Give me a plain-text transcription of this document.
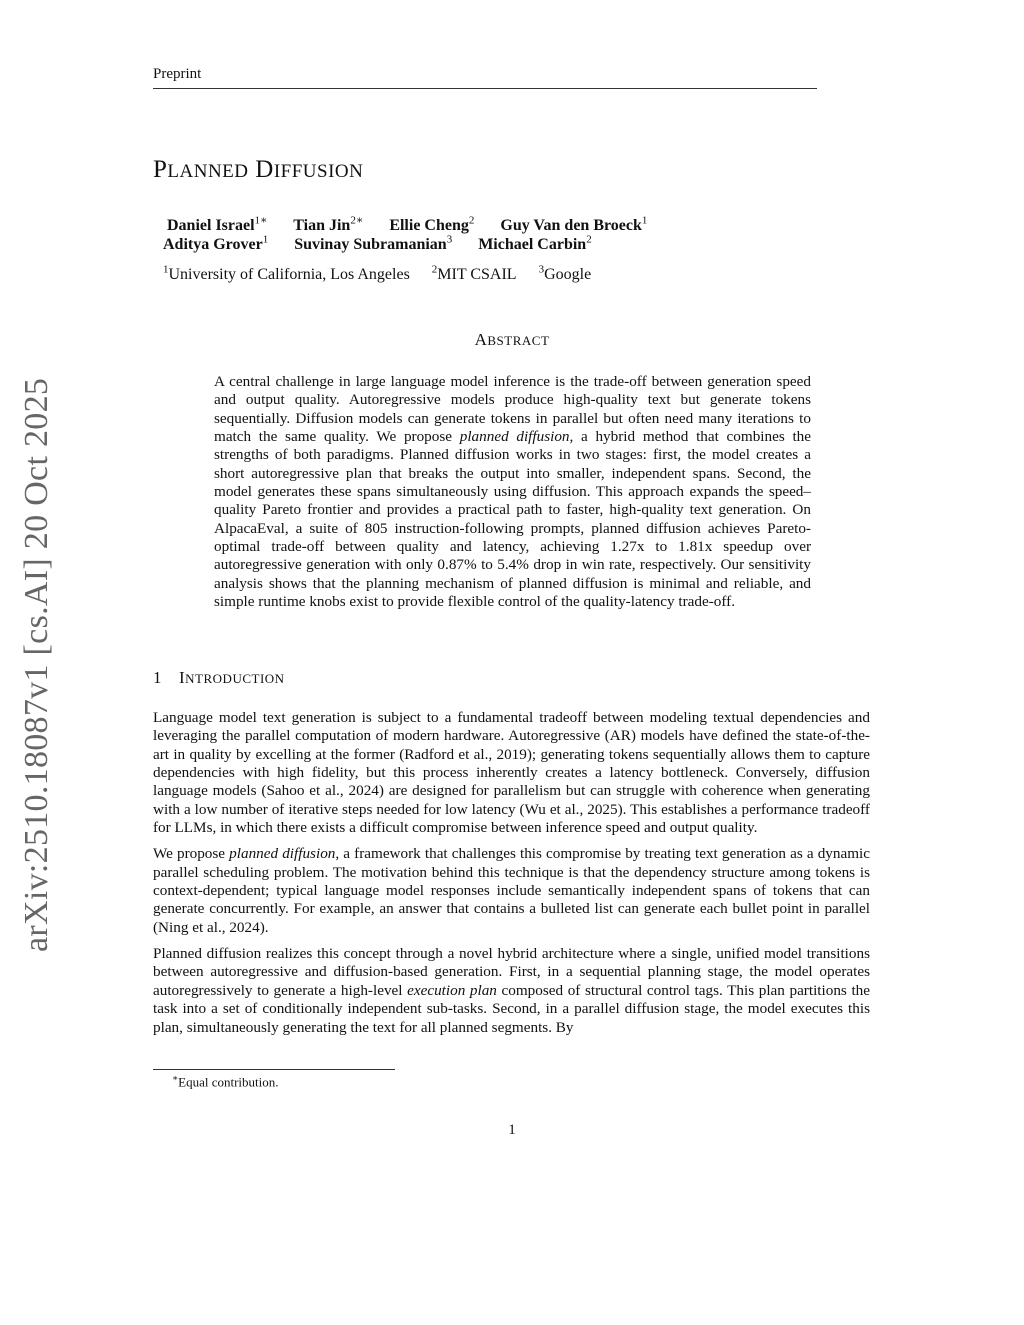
Preprint
PLANNED DIFFUSION
Daniel Israel$^{1∗}$ Tian Jin$^{2∗}$ Ellie Cheng$^2$ Guy Van den Broeck$^1$
Aditya Grover$^1$ Suvinay Subramanian$^3$ Michael Carbin$^2$
$^1$University of California, Los Angeles $^2$MIT CSAIL $^3$Google
ABSTRACT
A central challenge in large language model inference is the trade-off between generation speed and output quality. Autoregressive models produce high-quality text but generate tokens sequentially. Diffusion models can generate tokens in parallel but often need many iterations to match the same quality. We propose planned diffusion, a hybrid method that combines the strengths of both paradigms. Planned diffusion works in two stages: first, the model creates a short autoregressive plan that breaks the output into smaller, independent spans. Second, the model generates these spans simultaneously using diffusion. This approach expands the speed–quality Pareto frontier and provides a practical path to faster, high-quality text generation. On AlpacaEval, a suite of 805 instruction-following prompts, planned diffusion achieves Pareto-optimal trade-off between quality and latency, achieving 1.27x to 1.81x speedup over autoregressive generation with only 0.87% to 5.4% drop in win rate, respectively. Our sensitivity analysis shows that the planning mechanism of planned diffusion is minimal and reliable, and simple runtime knobs exist to provide flexible control of the quality-latency trade-off.
1 INTRODUCTION

Language model text generation is subject to a fundamental tradeoff between modeling textual dependencies and leveraging the parallel computation of modern hardware. Autoregressive (AR) models have defined the state-of-the-art in quality by excelling at the former (Radford et al., 2019); generating tokens sequentially allows them to capture dependencies with high fidelity, but this process inherently creates a latency bottleneck. Conversely, diffusion language models (Sahoo et al., 2024) are designed for parallelism but can struggle with coherence when generating with a low number of iterative steps needed for low latency (Wu et al., 2025). This establishes a performance tradeoff for LLMs, in which there exists a difficult compromise between inference speed and output quality.

We propose planned diffusion, a framework that challenges this compromise by treating text generation as a dynamic parallel scheduling problem. The motivation behind this technique is that the dependency structure among tokens is context-dependent; typical language model responses include semantically independent spans of tokens that can generate concurrently. For example, an answer that contains a bulleted list can generate each bullet point in parallel (Ning et al., 2024).

Planned diffusion realizes this concept through a novel hybrid architecture where a single, unified model transitions between autoregressive and diffusion-based generation. First, in a sequential planning stage, the model operates autoregressively to generate a high-level execution plan composed of structural control tags. This plan partitions the task into a set of conditionally independent sub-tasks. Second, in a parallel diffusion stage, the model executes this plan, simultaneously generating the text for all planned segments. By

∗Equal contribution.
1
arXiv:2510.18087v1 [cs.AI] 20 Oct 2025
